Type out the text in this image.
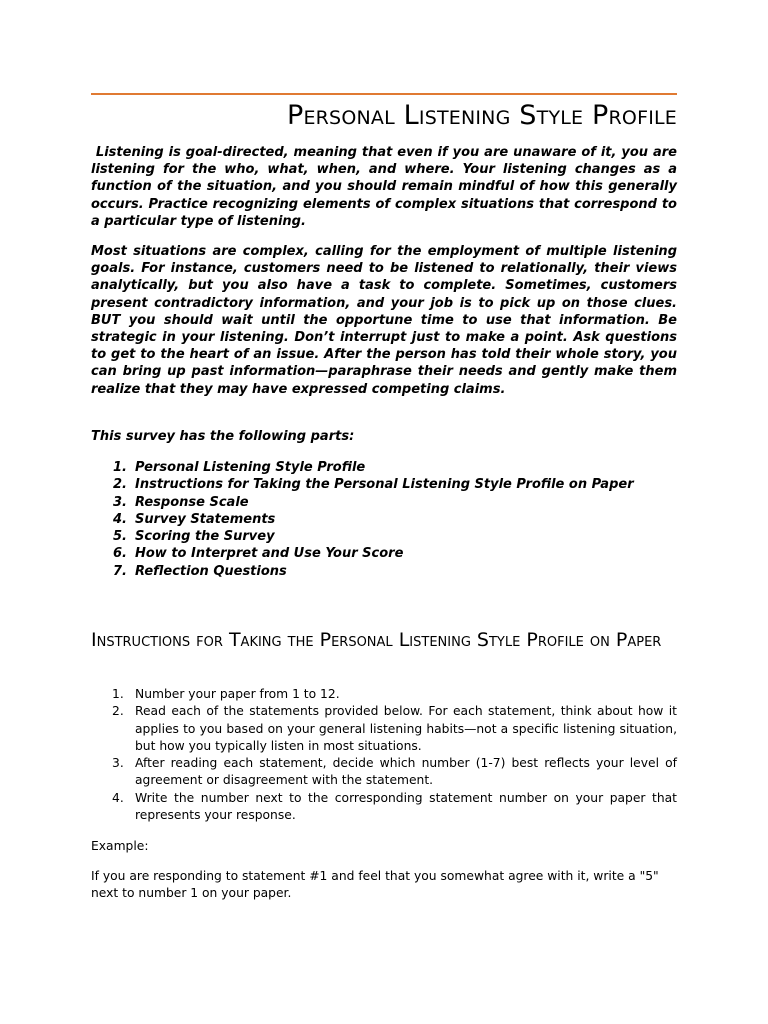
Personal Listening Style Profile

Listening is goal-directed, meaning that even if you are unaware of it, you are listening for the who, what, when, and where. Your listening changes as a function of the situation, and you should remain mindful of how this generally occurs. Practice recognizing elements of complex situations that correspond to a particular type of listening.

Most situations are complex, calling for the employment of multiple listening goals. For instance, customers need to be listened to relationally, their views analytically, but you also have a task to complete. Sometimes, customers present contradictory information, and your job is to pick up on those clues. BUT you should wait until the opportune time to use that information. Be strategic in your listening. Don’t interrupt just to make a point. Ask questions to get to the heart of an issue. After the person has told their whole story, you can bring up past information—paraphrase their needs and gently make them realize that they may have expressed competing claims.

This survey has the following parts:

1. Personal Listening Style Profile
2. Instructions for Taking the Personal Listening Style Profile on Paper
3. Response Scale
4. Survey Statements
5. Scoring the Survey
6. How to Interpret and Use Your Score
7. Reflection Questions
Instructions for Taking the Personal Listening Style Profile on Paper
1. Number your paper from 1 to 12.
2. Read each of the statements provided below. For each statement, think about how it applies to you based on your general listening habits—not a specific listening situation, but how you typically listen in most situations.
3. After reading each statement, decide which number (1-7) best reflects your level of agreement or disagreement with the statement.
4. Write the number next to the corresponding statement number on your paper that represents your response.

Example:

If you are responding to statement #1 and feel that you somewhat agree with it, write a "5" next to number 1 on your paper.
